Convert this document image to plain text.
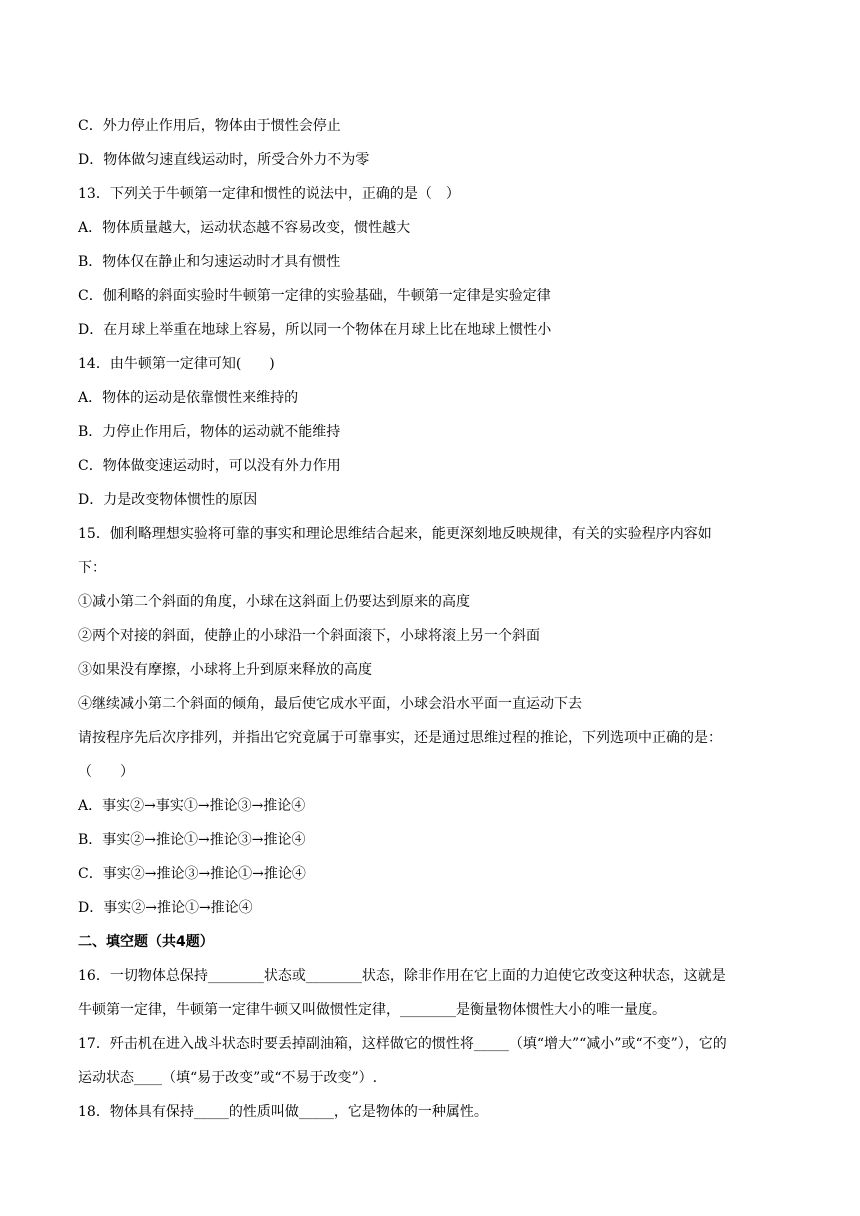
C．外力停止作用后，物体由于惯性会停止
D．物体做匀速直线运动时，所受合外力不为零
13．下列关于牛顿第一定律和惯性的说法中，正确的是（　）
A．物体质量越大，运动状态越不容易改变，惯性越大
B．物体仅在静止和匀速运动时才具有惯性
C．伽利略的斜面实验时牛顿第一定律的实验基础，牛顿第一定律是实验定律
D．在月球上举重在地球上容易，所以同一个物体在月球上比在地球上惯性小
14．由牛顿第一定律可知(　　)
A．物体的运动是依靠惯性来维持的
B．力停止作用后，物体的运动就不能维持
C．物体做变速运动时，可以没有外力作用
D．力是改变物体惯性的原因
15．伽利略理想实验将可靠的事实和理论思维结合起来，能更深刻地反映规律，有关的实验程序内容如
下：
①减小第二个斜面的角度，小球在这斜面上仍要达到原来的高度
②两个对接的斜面，使静止的小球沿一个斜面滚下，小球将滚上另一个斜面
③如果没有摩擦，小球将上升到原来释放的高度
④继续减小第二个斜面的倾角，最后使它成水平面，小球会沿水平面一直运动下去
请按程序先后次序排列，并指出它究竟属于可靠事实，还是通过思维过程的推论，下列选项中正确的是：
（　　）
A．事实②→事实①→推论③→推论④
B．事实②→推论①→推论③→推论④
C．事实②→推论③→推论①→推论④
D．事实②→推论①→推论④
二、填空题（共4题）
16．一切物体总保持________状态或________状态，除非作用在它上面的力迫使它改变这种状态，这就是
牛顿第一定律，牛顿第一定律牛顿又叫做惯性定律，________是衡量物体惯性大小的唯一量度。
17．歼击机在进入战斗状态时要丢掉副油箱，这样做它的惯性将_____（填“增大”“减小”或“不变”），它的
运动状态____（填“易于改变”或“不易于改变”）.
18．物体具有保持_____的性质叫做_____，它是物体的一种属性。
